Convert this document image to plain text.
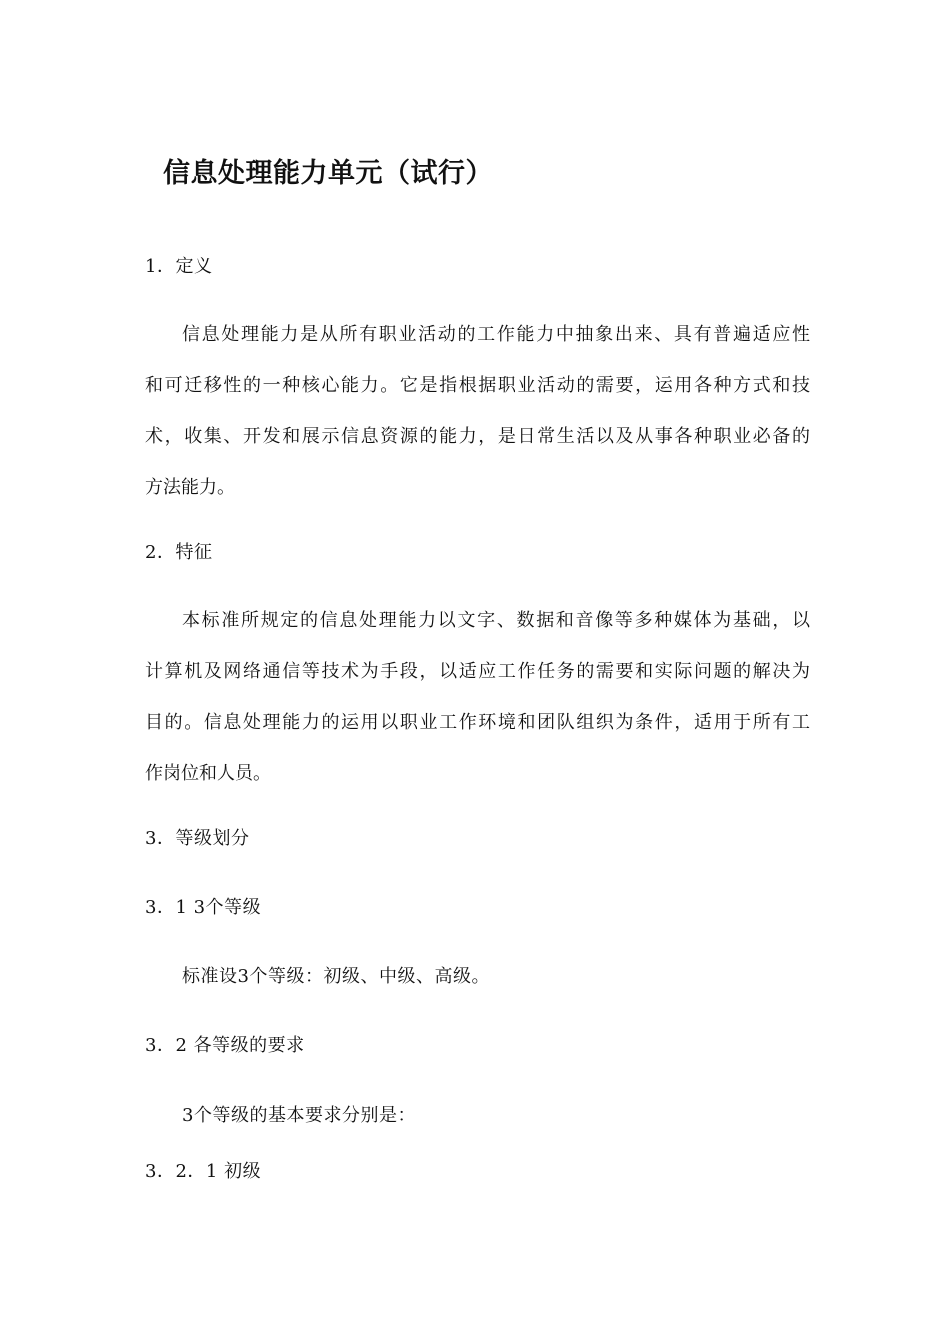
信息处理能力单元（试行）
1．定义
信息处理能力是从所有职业活动的工作能力中抽象出来、具有普遍适应性
和可迁移性的一种核心能力。它是指根据职业活动的需要，运用各种方式和技
术，收集、开发和展示信息资源的能力，是日常生活以及从事各种职业必备的
方法能力。
2．特征
本标准所规定的信息处理能力以文字、数据和音像等多种媒体为基础，以
计算机及网络通信等技术为手段，以适应工作任务的需要和实际问题的解决为
目的。信息处理能力的运用以职业工作环境和团队组织为条件，适用于所有工
作岗位和人员。
3．等级划分
3．1 3个等级
标准设3个等级：初级、中级、高级。
3．2 各等级的要求
3个等级的基本要求分别是：
3．2．1 初级
